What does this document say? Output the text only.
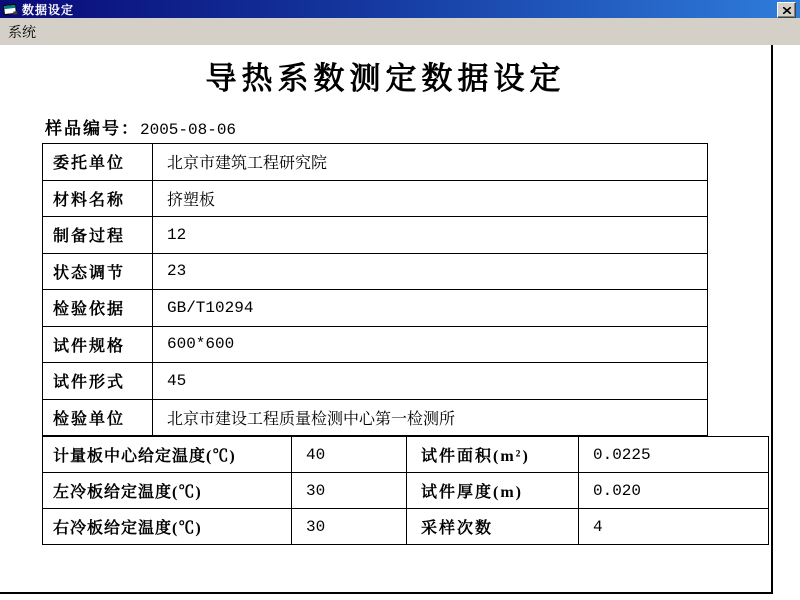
数据设定
系统
导热系数测定数据设定
样品编号：2005-08-06
委托单位	北京市建筑工程研究院
材料名称	挤塑板
制备过程	12
状态调节	23
检验依据	GB/T10294
试件规格	600*600
试件形式	45
检验单位	北京市建设工程质量检测中心第一检测所
计量板中心给定温度(℃)	40	试件面积(m²)	0.0225
左冷板给定温度(℃)	30	试件厚度(m)	0.020
右冷板给定温度(℃)	30	采样次数	4
